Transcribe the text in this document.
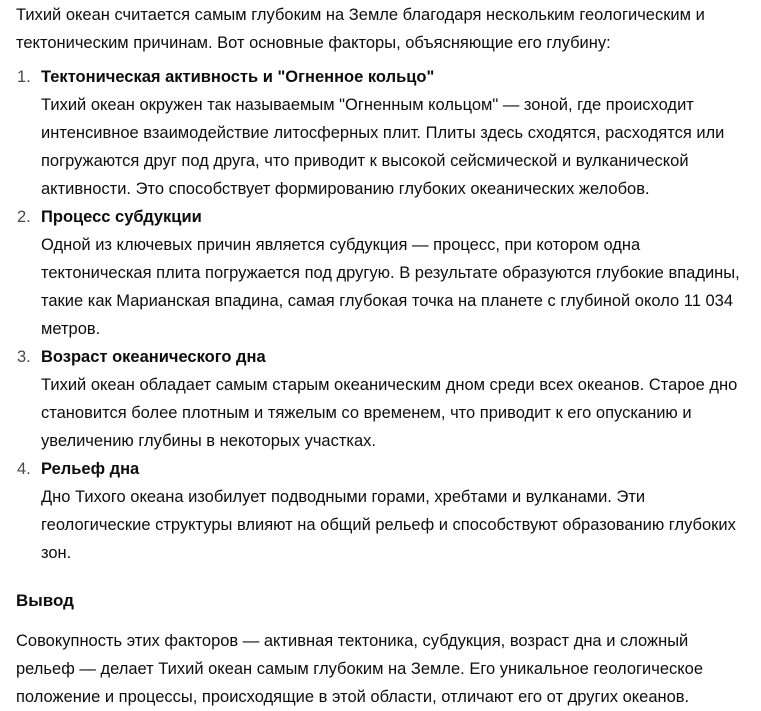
Тихий океан считается самым глубоким на Земле благодаря нескольким геологическим и тектоническим причинам. Вот основные факторы, объясняющие его глубину:

1. Тектоническая активность и "Огненное кольцо"
Тихий океан окружен так называемым "Огненным кольцом" — зоной, где происходит интенсивное взаимодействие литосферных плит. Плиты здесь сходятся, расходятся или погружаются друг под друга, что приводит к высокой сейсмической и вулканической активности. Это способствует формированию глубоких океанических желобов.
2. Процесс субдукции
Одной из ключевых причин является субдукция — процесс, при котором одна тектоническая плита погружается под другую. В результате образуются глубокие впадины, такие как Марианская впадина, самая глубокая точка на планете с глубиной около 11 034 метров.
3. Возраст океанического дна
Тихий океан обладает самым старым океаническим дном среди всех океанов. Старое дно становится более плотным и тяжелым со временем, что приводит к его опусканию и увеличению глубины в некоторых участках.
4. Рельеф дна
Дно Тихого океана изобилует подводными горами, хребтами и вулканами. Эти геологические структуры влияют на общий рельеф и способствуют образованию глубоких зон.
Вывод

Совокупность этих факторов — активная тектоника, субдукция, возраст дна и сложный рельеф — делает Тихий океан самым глубоким на Земле. Его уникальное геологическое положение и процессы, происходящие в этой области, отличают его от других океанов.
